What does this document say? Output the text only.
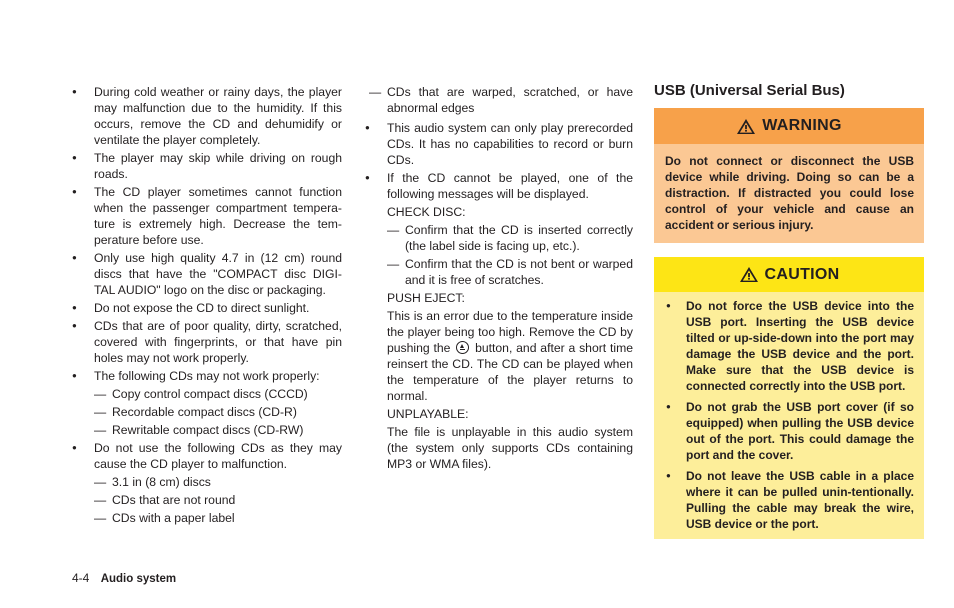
● During cold weather or rainy days, the player may malfunction due to the humidity. If this occurs, remove the CD and dehumidify or ventilate the player completely.
● The player may skip while driving on rough roads.
● The CD player sometimes cannot function when the passenger compartment tempera-ture is extremely high. Decrease the tem-perature before use.
● Only use high quality 4.7 in (12 cm) round discs that have the "COMPACT disc DIGI-TAL AUDIO" logo on the disc or packaging.
● Do not expose the CD to direct sunlight.
● CDs that are of poor quality, dirty, scratched, covered with fingerprints, or that have pin holes may not work properly.
● The following CDs may not work properly:
— Copy control compact discs (CCCD)
— Recordable compact discs (CD-R)
— Rewritable compact discs (CD-RW)
● Do not use the following CDs as they may cause the CD player to malfunction.
— 3.1 in (8 cm) discs
— CDs that are not round
— CDs with a paper label
— CDs that are warped, scratched, or have abnormal edges
● This audio system can only play prerecorded CDs. It has no capabilities to record or burn CDs.
● If the CD cannot be played, one of the following messages will be displayed.
CHECK DISC:
— Confirm that the CD is inserted correctly (the label side is facing up, etc.).
— Confirm that the CD is not bent or warped and it is free of scratches.
PUSH EJECT:
This is an error due to the temperature inside the player being too high. Remove the CD by pushing the button, and after a short time reinsert the CD. The CD can be played when the temperature of the player returns to normal.
UNPLAYABLE:
The file is unplayable in this audio system (the system only supports CDs containing MP3 or WMA files).
USB (Universal Serial Bus)
WARNING
Do not connect or disconnect the USB device while driving. Doing so can be a distraction. If distracted you could lose control of your vehicle and cause an accident or serious injury.
CAUTION
● Do not force the USB device into the USB port. Inserting the USB device tilted or up-side-down into the port may damage the USB device and the port. Make sure that the USB device is connected correctly into the USB port.
● Do not grab the USB port cover (if so equipped) when pulling the USB device out of the port. This could damage the port and the cover.
● Do not leave the USB cable in a place where it can be pulled unin-tentionally. Pulling the cable may break the wire, USB device or the port.
4-4 Audio system
